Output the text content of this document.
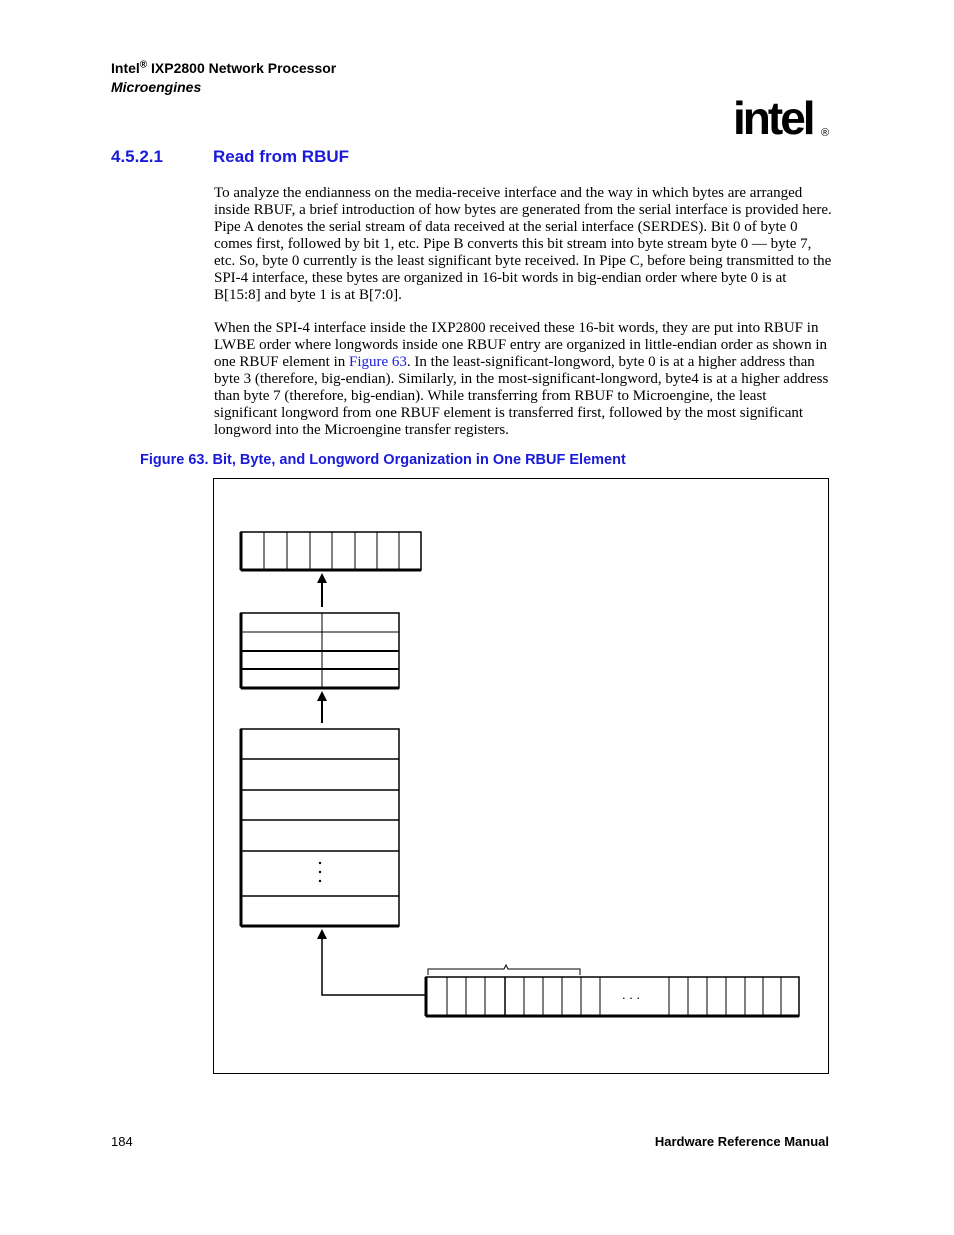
Intel® IXP2800 Network Processor
Microengines
intel ®
4.5.2.1	Read from RBUF
To analyze the endianness on the media-receive interface and the way in which bytes are arranged inside RBUF, a brief introduction of how bytes are generated from the serial interface is provided here. Pipe A denotes the serial stream of data received at the serial interface (SERDES). Bit 0 of byte 0 comes first, followed by bit 1, etc. Pipe B converts this bit stream into byte stream byte 0 — byte 7, etc. So, byte 0 currently is the least significant byte received. In Pipe C, before being transmitted to the SPI-4 interface, these bytes are organized in 16-bit words in big-endian order where byte 0 is at B[15:8] and byte 1 is at B[7:0].
When the SPI-4 interface inside the IXP2800 received these 16-bit words, they are put into RBUF in LWBE order where longwords inside one RBUF entry are organized in little-endian order as shown in one RBUF element in Figure 63. In the least-significant-longword, byte 0 is at a higher address than byte 3 (therefore, big-endian). Similarly, in the most-significant-longword, byte4 is at a higher address than byte 7 (therefore, big-endian). While transferring from RBUF to Microengine, the least significant longword from one RBUF element is transferred first, followed by the most significant longword into the Microengine transfer registers.
Figure 63. Bit, Byte, and Longword Organization in One RBUF Element
. . .
184	Hardware Reference Manual
